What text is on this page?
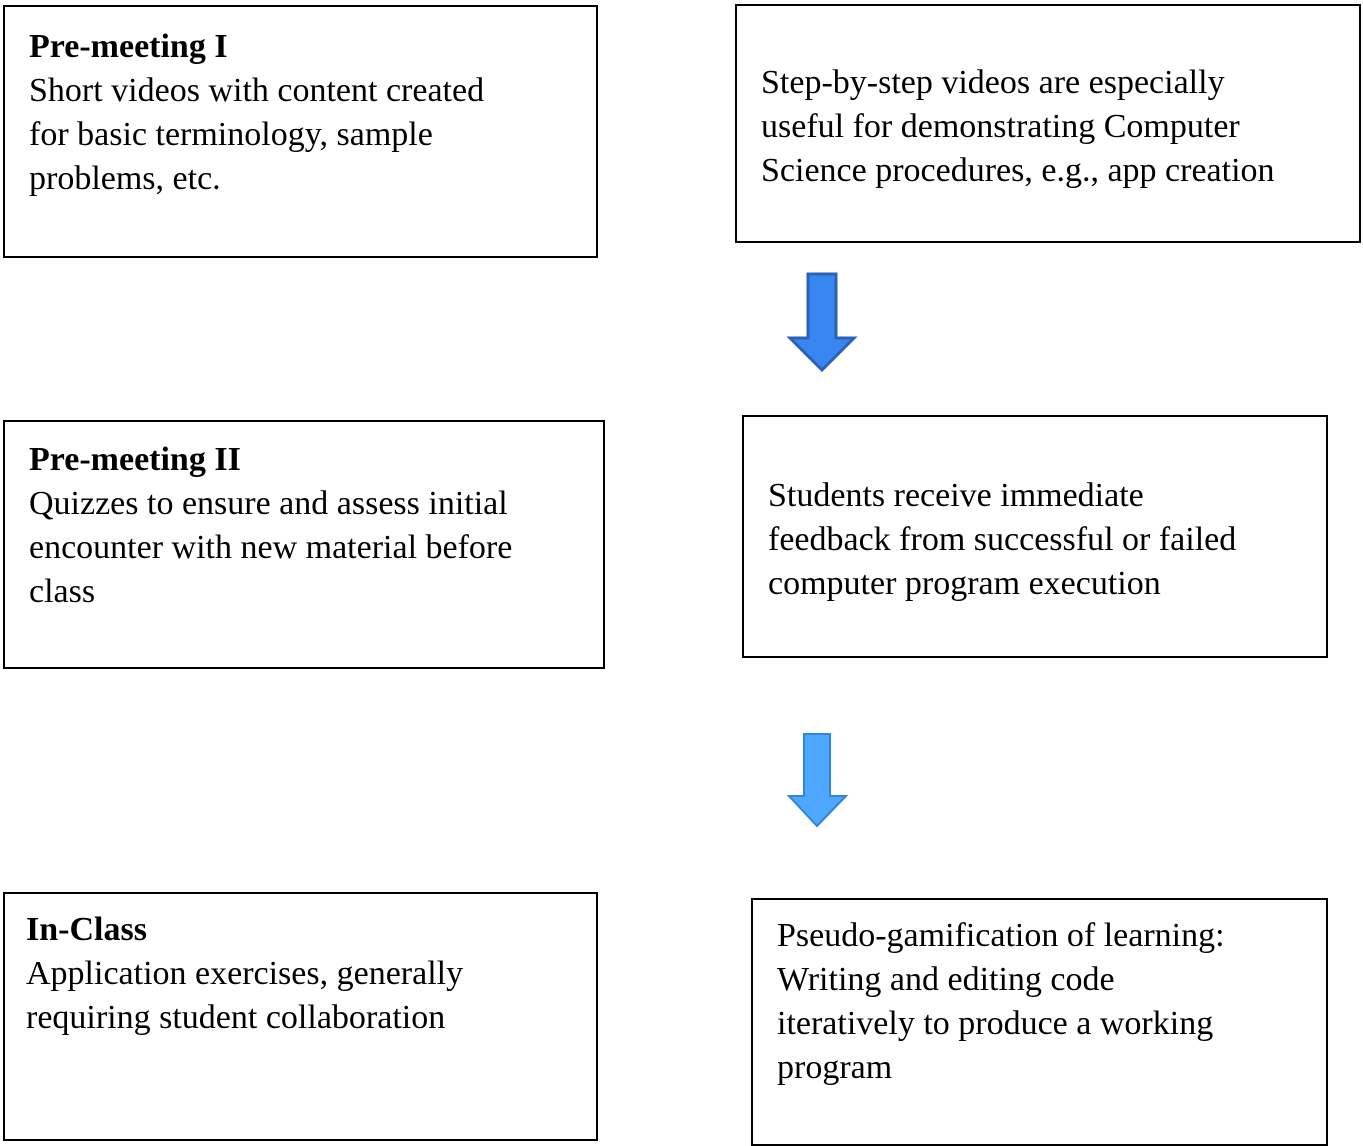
Pre-meeting I
Short videos with content created
for basic terminology, sample
problems, etc.
Pre-meeting II
Quizzes to ensure and assess initial
encounter with new material before
class
In-Class
Application exercises, generally
requiring student collaboration
Step-by-step videos are especially
useful for demonstrating Computer
Science procedures, e.g., app creation
Students receive immediate
feedback from successful or failed
computer program execution
Pseudo-gamification of learning:
Writing and editing code
iteratively to produce a working
program
